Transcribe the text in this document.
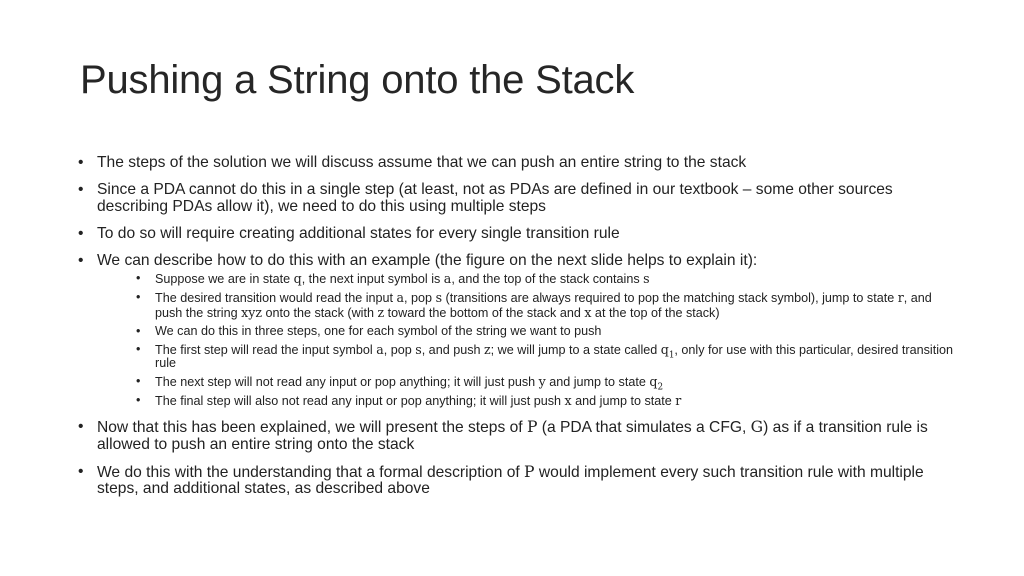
Pushing a String onto the Stack
• The steps of the solution we will discuss assume that we can push an entire string to the stack
• Since a PDA cannot do this in a single step (at least, not as PDAs are defined in our textbook – some other sources describing PDAs allow it), we need to do this using multiple steps
• To do so will require creating additional states for every single transition rule
• We can describe how to do this with an example (the figure on the next slide helps to explain it):
• Suppose we are in state q, the next input symbol is a, and the top of the stack contains s
• The desired transition would read the input a, pop s (transitions are always required to pop the matching stack symbol), jump to state r, and push the string xyz onto the stack (with z toward the bottom of the stack and x at the top of the stack)
• We can do this in three steps, one for each symbol of the string we want to push
• The first step will read the input symbol a, pop s, and push z; we will jump to a state called $q_1$, only for use with this particular, desired transition rule
• The next step will not read any input or pop anything; it will just push y and jump to state $q_2$
• The final step will also not read any input or pop anything; it will just push x and jump to state r
• Now that this has been explained, we will present the steps of P (a PDA that simulates a CFG, G) as if a transition rule is allowed to push an entire string onto the stack
• We do this with the understanding that a formal description of P would implement every such transition rule with multiple steps, and additional states, as described above
